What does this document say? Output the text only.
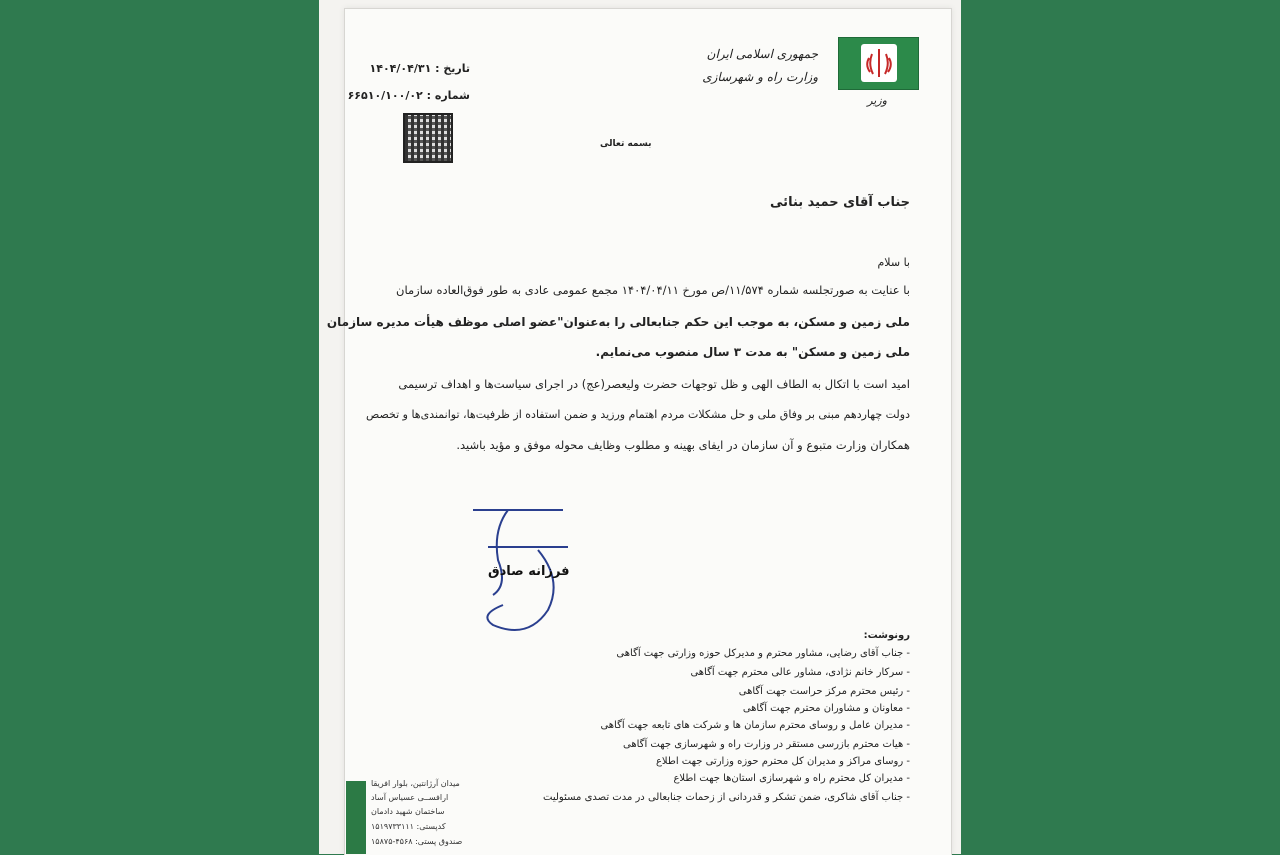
جمهوری اسلامی ایران
وزارت راه و شهرسازی
وزیر
تاریخ : ۱۴۰۴/۰۴/۳۱
شماره : ۶۶۵۱۰/۱۰۰/۰۲
بسمه تعالی
جناب آقای حمید بنائی
با سلام
با عنایت به صورتجلسه شماره ۱۱/۵۷۴/ص مورخ ۱۴۰۴/۰۴/۱۱ مجمع عمومی عادی به طور فوق‌العاده سازمان
ملی زمین و مسکن، به موجب این حکم جنابعالی را به‌عنوان"عضو اصلی موظف هیأت مدیره سازمان
ملی زمین و مسکن" به مدت ۳ سال منصوب می‌نمایم.
امید است با اتکال به الطاف الهی و ظل توجهات حضرت ولیعصر(عج) در اجرای سیاست‌ها و اهداف ترسیمی
دولت چهاردهم مبنی بر وفاق ملی و حل مشکلات مردم اهتمام ورزید و ضمن استفاده از ظرفیت‌ها، توانمندی‌ها و تخصص
همکاران وزارت متبوع و آن سازمان در ایفای بهینه و مطلوب وظایف محوله موفق و مؤید باشید.
فرزانه صادق
رونوشت:
- جناب آقای رضایی، مشاور محترم و مدیرکل حوزه وزارتی جهت آگاهی
- سرکار خانم نژادی، مشاور عالی محترم جهت آگاهی
- رئیس محترم مرکز حراست جهت آگاهی
- معاونان و مشاوران محترم جهت آگاهی
- مدیران عامل و روسای محترم سازمان ها و شرکت های تابعه جهت آگاهی
- هیات محترم بازرسی مستقر در وزارت راه و شهرسازی جهت آگاهی
- روسای مراکز و مدیران کل محترم حوزه وزارتی جهت اطلاع
- مدیران کل محترم راه و شهرسازی استان‌ها جهت اطلاع
- جناب آقای شاکری، ضمن تشکر و قدردانی از زحمات جنابعالی در مدت تصدی مسئولیت
میدان آرژانتین، بلوار افریقا
ارافســی عسیاس آساد
ساختمان شهید دادمان
کدپستی: ۱۵۱۹۷۳۳۱۱۱
صندوق پستی: ۴۵۶۸-۱۵۸۷۵
